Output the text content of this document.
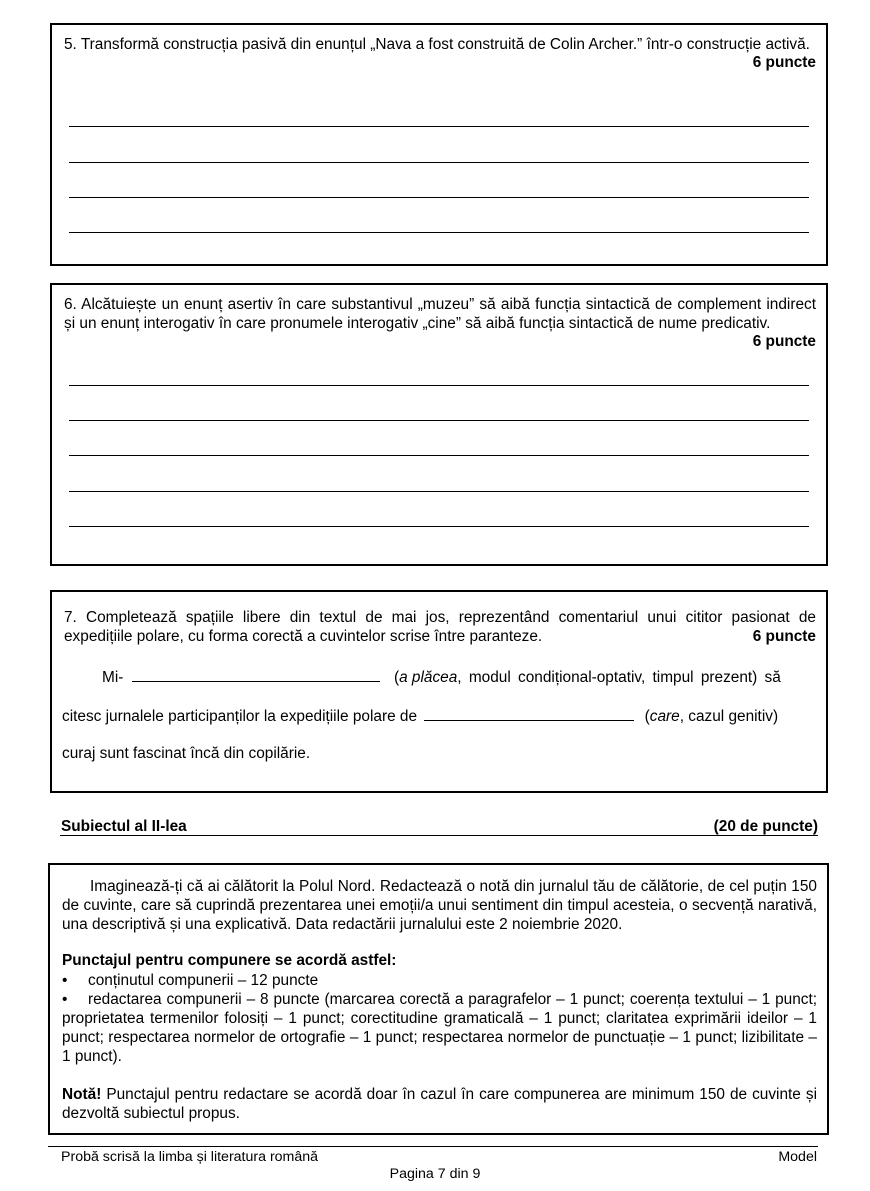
5. Transformă construcția pasivă din enunțul „Nava a fost construită de Colin Archer.” într-o construcție activă.
6 puncte
6. Alcătuiește un enunț asertiv în care substantivul „muzeu” să aibă funcția sintactică de complement indirect și un enunț interogativ în care pronumele interogativ „cine” să aibă funcția sintactică de nume predicativ.
6 puncte
7. Completează spațiile libere din textul de mai jos, reprezentând comentariul unui cititor pasionat de expedițiile polare, cu forma corectă a cuvintelor scrise între paranteze.	6 puncte
Mi-	(a plăcea, modul condițional-optativ, timpul prezent) să
citesc jurnalele participanților la expedițiile polare de	(care, cazul genitiv)
curaj sunt fascinat încă din copilărie.
Subiectul al II-lea	(20 de puncte)
Imaginează-ți că ai călătorit la Polul Nord. Redactează o notă din jurnalul tău de călătorie, de cel puțin 150 de cuvinte, care să cuprindă prezentarea unei emoții/a unui sentiment din timpul acesteia, o secvență narativă, una descriptivă și una explicativă. Data redactării jurnalului este 2 noiembrie 2020.
Punctajul pentru compunere se acordă astfel:
• conținutul compunerii – 12 puncte
• redactarea compunerii – 8 puncte (marcarea corectă a paragrafelor – 1 punct; coerența textului – 1 punct; proprietatea termenilor folosiți – 1 punct; corectitudine gramaticală – 1 punct; claritatea exprimării ideilor – 1 punct; respectarea normelor de ortografie – 1 punct; respectarea normelor de punctuație – 1 punct; lizibilitate – 1 punct).
Notă! Punctajul pentru redactare se acordă doar în cazul în care compunerea are minimum 150 de cuvinte și dezvoltă subiectul propus.
Probă scrisă la limba și literatura română	Model
Pagina 7 din 9
